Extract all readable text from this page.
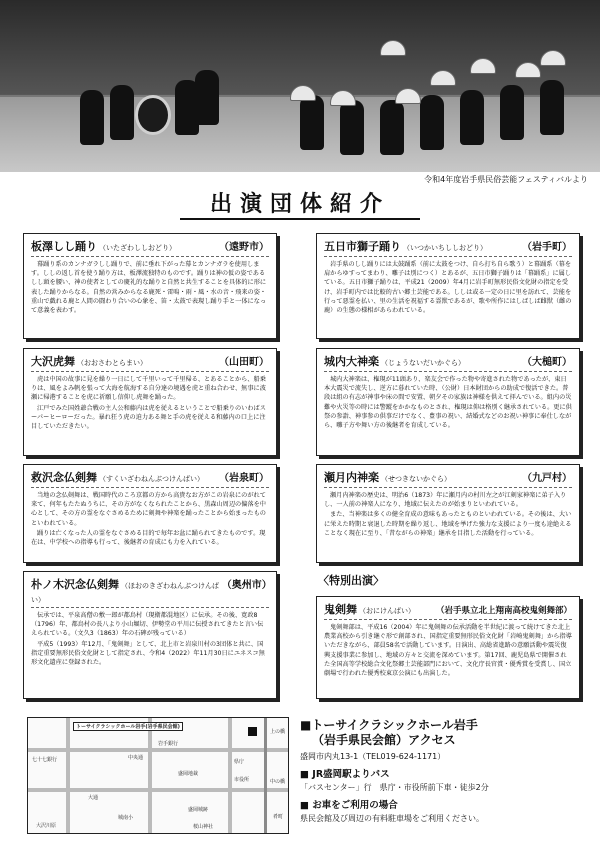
令和4年度岩手県民俗芸能フェスティバルより
出演団体紹介
板澤しし踊り （いたざわししおどり）	（遠野市）

幕踊り系のカンナガラしし踊りで、前に垂れ下がった幕とカンナガラを使用します。ししの返し首を使う踊り方は、板澤流独特のものです。踊りは神の仮の姿であるしし頭を腰い、神の使者としての慶礼的な踊りと自然と共生することを具体的に形に表した踊りからなる。自然の営みからなる鹿死・雷嗚・雨・風・水の音・飛来の姿・重山で戯れる鹿と人間の闘わり合いの心象を、笛・太鼓で表現し踊り手と一体になって意義を表わす。

五日市獅子踊り （いつかいちししおどり）	（岩手町）

岩手県のしし踊りには太鼓踊系（前に太鼓をつけ、自ら打ち自ら歌う）と幕踊系（幕を肩からゆすってまわり、囃子は別につく）とあるが、五日市獅子踊りは「幕踊系」に属している。五日市獅子踊りは、平成21（2009）年4月に岩手町無形民俗文化財の指定を受け、岩手町内では比較的古い郷土芸能である。ししは或る一定の日に里を訪れて、芸能を行って悪霊を払い、里の生活を祝福する霊獣であるが、歌や所作にはしばしば雌獣（雌の鹿）の生態の様相があらわれている。

大沢虎舞 （おおさわとらまい）	（山田町）

虎は中国の故事に見を繰り一日にして千里いって千里帰る、とあることから、船乗りは、風をよみ帆を張って大海を航海する自分達の境遇を虎と重ね合わせ、無事に波瀬に帰港することを虎に祈願し信仰し虎舞を踊った。

江戸でみた国姓爺合戦の主人公和藤内は虎を従えるということで船乗りのいわばスーパーヒーローだった。暴れ狂う虎の迫力ある舞と手の虎を従える和藤内の口上に注目していただきたい。

城内大神楽 （じょうないだいかぐら）	（大槌町）

城内大神楽は、権現が11頭あり、楽友会で作った物や寄進された物であったが、東日本大震災で流失し、逆方に暮れていた時、（公財）日本財団からの助成で復活できた。普段は組の有志が神事や床の間で安置、朝夕その家族は神様を供えて拝んでいる。組内の災難や火災等の時には警蹤をかかなものとされ、権現は仰は格別く継承されている。更に供祭の参詣、神事参の供事だけでなく、豊事の祝い、結婚式などのお祝い神事に奉仕しながら、囃子方や舞い方の後継者を育成している。

救沢念仏剣舞 （すくいざわねんぶつけんばい） （岩泉町）

当地の念仏剣舞は、戦国時代のころ京都の方から高貴なお方がこの岩泉にのがれて来て、何年もたたぬうちに、その方がなくなられたことから、黒森山周辺の偏落を中心として、その方の霊をなぐさめるために剣舞や神楽を踊ったことから始まったものといわれている。

踊りは亡くなった人の霊をなぐさめる目的で毎年お盆に踊られてきたものです。現在は、中学校への指導も行って、後継者の育成にも力を入れている。

瀬月内神楽 （せつきないかぐら）	（九戸村）

瀬月内神楽の歴史は、明治6（1873）年に瀬月内の村川左之が江剣家神楽に弟子入りし、一人前の神楽人になり、地域に伝えたのが始まりといわれている。

また、当神楽は多くの健全育成の意味もあったとものといわれている。その後は、大いに栄えた時期と衰退した時期を繰り返し、地域を挙げた強力な支援により一度も途絶えることなく現在に至り、「昔ながらの神楽」継承を目指した活動を行っている。

朴ノ木沢念仏剣舞 （ほおのきざわねんぶつけんばい）
（奥州市）

伝承では、平泉高僧の敷一郎が都鳥村（現衛都混地区）に伝承。その後、寛政8（1796）年、都鳥村の長八より小山堀切、伊勢堂の平川に伝授されてきたと言い伝えられている。（文久3（1863）年の石碑が残っている）

平成5（1993）年12月、「鬼剣舞」として、北上市と岩泉川村の3団体と共に、国指定重要無形民俗文化財として指定され、令和4（2022）年11月30日にユネスコ無形文化遺産に登録された。

〈特別出演〉
鬼剣舞 （おにけんばい） （岩手県立北上翔南高校鬼剣舞部）

鬼剣舞部は、平成16（2004）年に鬼剣舞の伝承活動を半世紀に渡って続けてきた北上農業高校から引き継ぐ形で創部され、国指定重要無形民俗文化財「岩崎鬼剣舞」から指導いただきながら、部員58名で活動しています。日演出、高総省進路の意願活動や震災復興支援事業に参加し、地域の方々と交流を深めています。第17回、鹿児島県で開催された全国高等学校総合文化祭郷土芸能部門において、文化庁長官賞・優秀賞を受賞し、国立劇場で行われた優秀校東京公演にも出演した。

トーサイクラシックホール岩手(岩手県民会館)
中央通
七十七銀行
大通
大沢川原
城南小
盛岡城跡
桜山神社
岩手銀行
盛岡地裁
県庁
市役所
上の橋
中の橋
肴町
■トーサイクラシックホール岩手
（岩手県民会館）アクセス
盛岡市内丸13-1（TEL019-624-1171）
■ JR盛岡駅よりバス
「バスセンター」行　県庁・市役所前下車・徒歩2分
■ お車をご利用の場合
県民会館及び周辺の有料駐車場をご利用ください。
